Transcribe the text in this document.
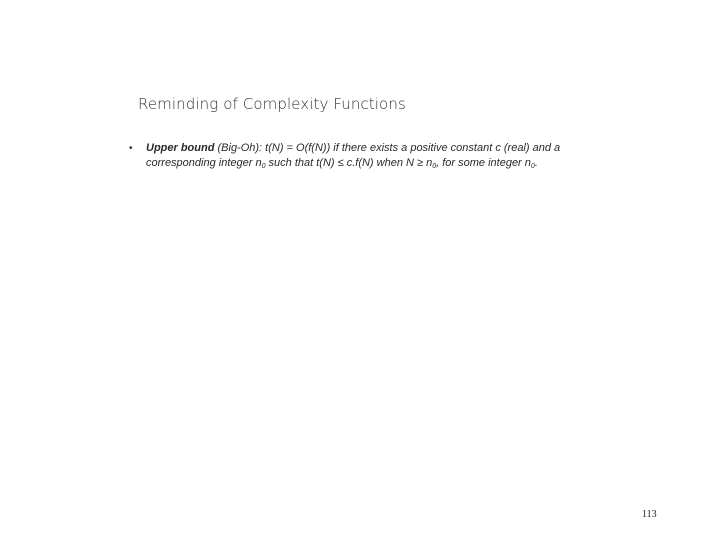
Reminding of Complexity Functions
• Upper bound (Big-Oh): t(N) = O(f(N)) if there exists a positive constant c (real) and a corresponding integer $n_0$ such that t(N) ≤ c.f(N) when $N \ge n_0$, for some integer $n_0$.
113
